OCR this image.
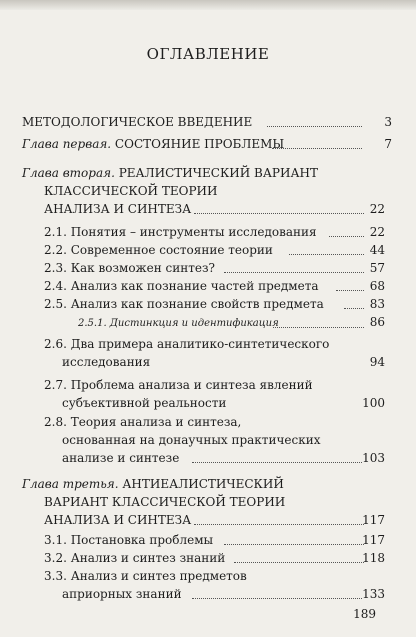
ОГЛАВЛЕНИЕ
МЕТОДОЛОГИЧЕСКОЕ ВВЕДЕНИЕ	3
Глава первая. СОСТОЯНИЕ ПРОБЛЕМЫ	7
Глава вторая. РЕАЛИСТИЧЕСКИЙ ВАРИАНТ
КЛАССИЧЕСКОЙ ТЕОРИИ
АНАЛИЗА И СИНТЕЗА	22
2.1. Понятия – инструменты исследования	22
2.2. Современное состояние теории	44
2.3. Как возможен синтез?	57
2.4. Анализ как познание частей предмета	68
2.5. Анализ как познание свойств предмета	83
2.5.1. Дистинкция и идентификация	86
2.6. Два примера аналитико-синтетического
исследования	94
2.7. Проблема анализа и синтеза явлений
субъективной реальности	100
2.8. Теория анализа и синтеза,
основанная на донаучных практических
анализе и синтезе	103
Глава третья. АНТИЕАЛИСТИЧЕСКИЙ
ВАРИАНТ КЛАССИЧЕСКОЙ ТЕОРИИ
АНАЛИЗА И СИНТЕЗА	117
3.1. Постановка проблемы	117
3.2. Анализ и синтез знаний	118
3.3. Анализ и синтез предметов
априорных знаний	133
189
